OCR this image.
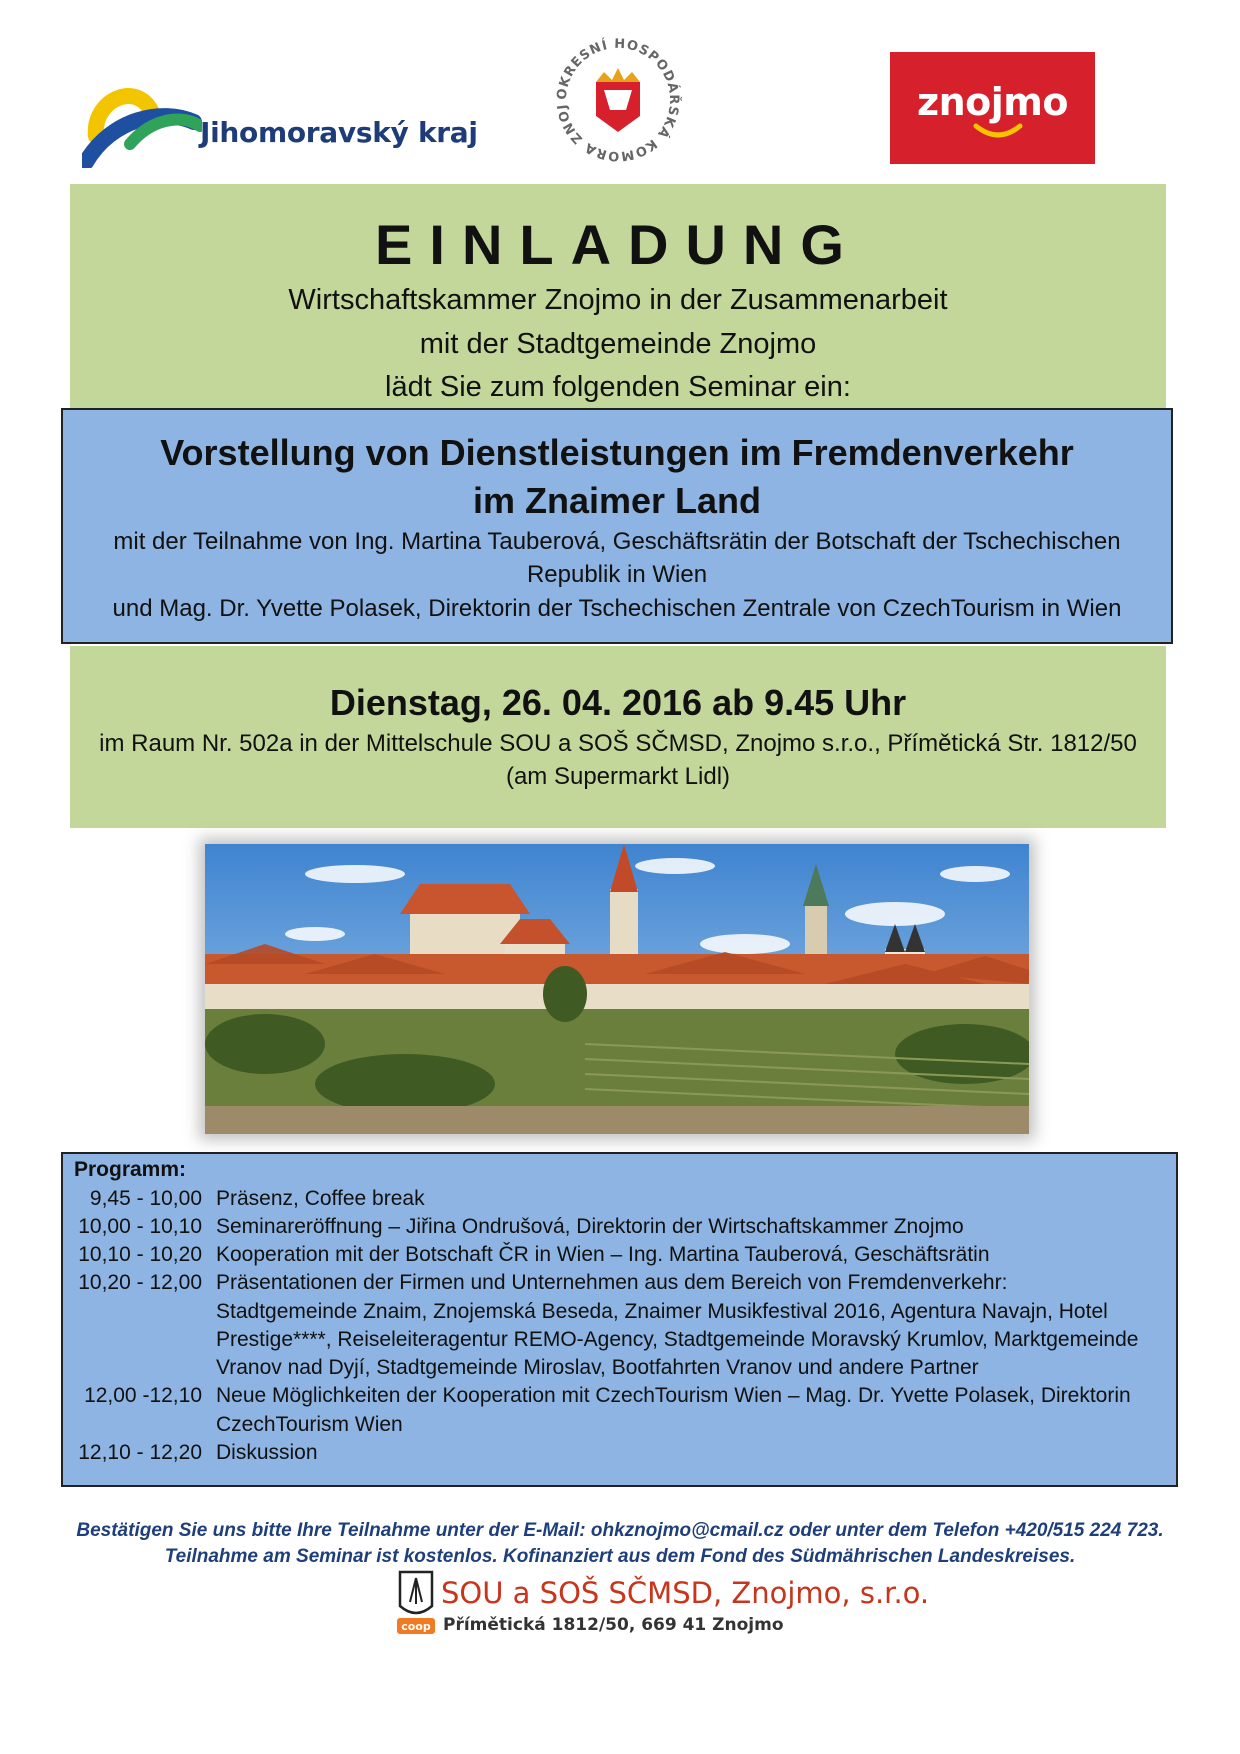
Jihomoravský kraj
OKRESNÍ HOSPODÁŘSKÁ KOMORA ZNOJ	znojmo
EINLADUNG
Wirtschaftskammer Znojmo in der Zusammenarbeit
mit der Stadtgemeinde Znojmo
lädt Sie zum folgenden Seminar ein:
Vorstellung von Dienstleistungen im Fremdenverkehr
im Znaimer Land
mit der Teilnahme von Ing. Martina Tauberová, Geschäftsrätin der Botschaft der Tschechischen
Republik in Wien
und Mag. Dr. Yvette Polasek, Direktorin der Tschechischen Zentrale von CzechTourism in Wien
Dienstag, 26. 04. 2016 ab 9.45 Uhr
im Raum Nr. 502a in der Mittelschule SOU a SOŠ SČMSD, Znojmo s.r.o., Přímětická Str. 1812/50
(am Supermarkt Lidl)
Programm:
9,45 - 10,00 Präsenz, Coffee break
10,00 - 10,10 Seminareröffnung – Jiřina Ondrušová, Direktorin der Wirtschaftskammer Znojmo
10,10 - 10,20 Kooperation mit der Botschaft ČR in Wien – Ing. Martina Tauberová, Geschäftsrätin
10,20 - 12,00 Präsentationen der Firmen und Unternehmen aus dem Bereich von Fremdenverkehr:
Stadtgemeinde Znaim, Znojemská Beseda, Znaimer Musikfestival 2016, Agentura Navajn, Hotel
Prestige****, Reiseleiteragentur REMO-Agency, Stadtgemeinde Moravský Krumlov, Marktgemeinde
Vranov nad Dyjí, Stadtgemeinde Miroslav, Bootfahrten Vranov und andere Partner
12,00 -12,10 Neue Möglichkeiten der Kooperation mit CzechTourism Wien – Mag. Dr. Yvette Polasek, Direktorin
CzechTourism Wien
12,10 - 12,20 Diskussion
Bestätigen Sie uns bitte Ihre Teilnahme unter der E-Mail: ohkznojmo@cmail.cz oder unter dem Telefon +420/515 224 723.
Teilnahme am Seminar ist kostenlos. Kofinanziert aus dem Fond des Südmährischen Landeskreises.
coop
SOU a SOŠ SČMSD, Znojmo, s.r.o.
Přímětická 1812/50, 669 41 Znojmo
